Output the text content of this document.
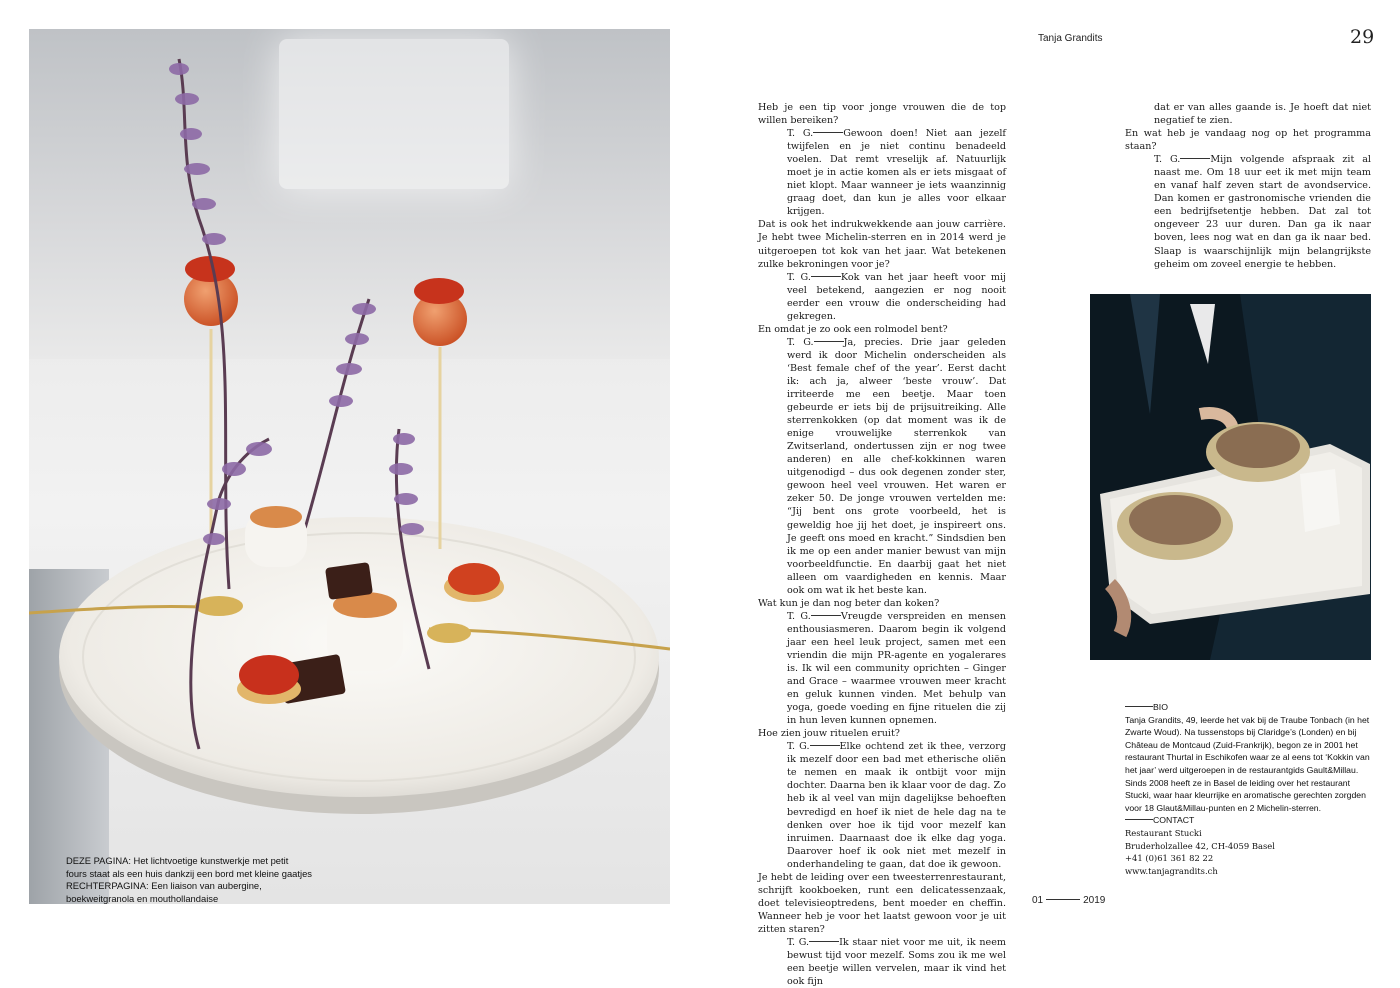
DEZE PAGINA: Het lichtvoetige kunstwerkje met petit
fours staat als een huis dankzij een bord met kleine gaatjes
RECHTERPAGINA: Een liaison van aubergine,
boekweitgranola en mouthollandaise
Tanja Grandits	29

Heb je een tip voor jonge vrouwen die de top willen bereiken?

T. G.	Gewoon doen! Niet aan jezelf twijfelen en je niet continu benadeeld voelen. Dat remt vreselijk af. Natuurlijk moet je in actie komen als er iets misgaat of niet klopt. Maar wanneer je iets waanzinnig graag doet, dan kun je alles voor elkaar krijgen.

Dat is ook het indrukwekkende aan jouw carrière. Je hebt twee Michelin-sterren en in 2014 werd je uitgeroepen tot kok van het jaar. Wat betekenen zulke bekroningen voor je?

T. G.	Kok van het jaar heeft voor mij veel betekend, aangezien er nog nooit eerder een vrouw die onderscheiding had gekregen.

En omdat je zo ook een rolmodel bent?

T. G.	Ja, precies. Drie jaar geleden werd ik door Michelin onderscheiden als ‘Best female chef of the year’. Eerst dacht ik: ach ja, alweer ‘beste vrouw’. Dat irriteerde me een beetje. Maar toen gebeurde er iets bij de prijsuitreiking. Alle sterrenkokken (op dat moment was ik de enige vrouwelijke sterrenkok van Zwitserland, ondertussen zijn er nog twee anderen) en alle chef-kokkinnen waren uitgenodigd – dus ook degenen zonder ster, gewoon heel veel vrouwen. Het waren er zeker 50. De jonge vrouwen vertelden me: “Jij bent ons grote voorbeeld, het is geweldig hoe jij het doet, je inspireert ons. Je geeft ons moed en kracht.” Sindsdien ben ik me op een ander manier bewust van mijn voorbeeldfunctie. En daarbij gaat het niet alleen om vaardigheden en kennis. Maar ook om wat ik het beste kan.

Wat kun je dan nog beter dan koken?

T. G.	Vreugde verspreiden en mensen enthousiasmeren. Daarom begin ik volgend jaar een heel leuk project, samen met een vriendin die mijn PR-agente en yogalerares is. Ik wil een community oprichten – Ginger and Grace – waarmee vrouwen meer kracht en geluk kunnen vinden. Met behulp van yoga, goede voeding en fijne rituelen die zij in hun leven kunnen opnemen.

Hoe zien jouw rituelen eruit?

T. G.	Elke ochtend zet ik thee, verzorg ik mezelf door een bad met etherische oliën te nemen en maak ik ontbijt voor mijn dochter. Daarna ben ik klaar voor de dag. Zo heb ik al veel van mijn dagelijkse behoeften bevredigd en hoef ik niet de hele dag na te denken over hoe ik tijd voor mezelf kan inruimen. Daarnaast doe ik elke dag yoga. Daarover hoef ik ook niet met mezelf in onderhandeling te gaan, dat doe ik gewoon.

Je hebt de leiding over een tweesterrenrestaurant, schrijft kookboeken, runt een delicatessenzaak, doet televisieoptredens, bent moeder en cheffin. Wanneer heb je voor het laatst gewoon voor je uit zitten staren?

T. G.	Ik staar niet voor me uit, ik neem bewust tijd voor mezelf. Soms zou ik me wel een beetje willen vervelen, maar ik vind het ook fijn

dat er van alles gaande is. Je hoeft dat niet negatief te zien.

En wat heb je vandaag nog op het programma staan?

T. G.	Mijn volgende afspraak zit al naast me. Om 18 uur eet ik met mijn team en vanaf half zeven start de avondservice. Dan komen er gastronomische vrienden die een bedrijfsetentje hebben. Dat zal tot ongeveer 23 uur duren. Dan ga ik naar boven, lees nog wat en dan ga ik naar bed. Slaap is waarschijnlijk mijn belangrijkste geheim om zoveel energie te hebben.

BIO
Tanja Grandits, 49, leerde het vak bij de Traube Tonbach (in het Zwarte Woud). Na tussenstops bij Claridge’s (Londen) en bij Château de Montcaud (Zuid-Frankrijk), begon ze in 2001 het restaurant Thurtal in Eschikofen waar ze al eens tot ‘Kokkin van het jaar’ werd uitgeroepen in de restaurantgids Gault&Millau. Sinds 2008 heeft ze in Basel de leiding over het restaurant Stucki, waar haar kleurrijke en aromatische gerechten zorgden voor 18 Glaut&Millau-punten en 2 Michelin-sterren.
CONTACT
Restaurant Stucki
Bruderholzallee 42, CH-4059 Basel
+41 (0)61 361 82 22
www.tanjagrandits.ch
01	2019
